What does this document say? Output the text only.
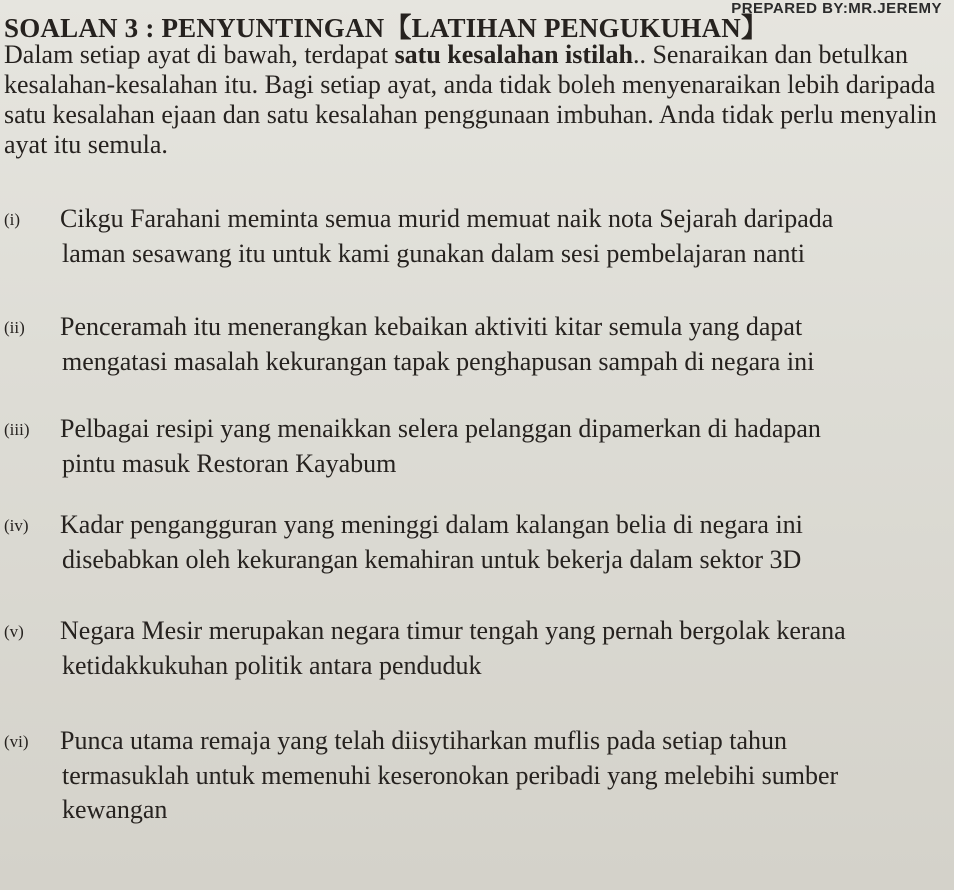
PREPARED BY:MR.JEREMY
SOALAN 3 : PENYUNTINGAN【LATIHAN PENGUKUHAN】
Dalam setiap ayat di bawah, terdapat satu kesalahan istilah.. Senaraikan dan betulkan kesalahan-kesalahan itu. Bagi setiap ayat, anda tidak boleh menyenaraikan lebih daripada satu kesalahan ejaan dan satu kesalahan penggunaan imbuhan. Anda tidak perlu menyalin ayat itu semula.
(i) Cikgu Farahani meminta semua murid memuat naik nota Sejarah daripada
laman sesawang itu untuk kami gunakan dalam sesi pembelajaran nanti
(ii) Penceramah itu menerangkan kebaikan aktiviti kitar semula yang dapat
mengatasi masalah kekurangan tapak penghapusan sampah di negara ini
(iii) Pelbagai resipi yang menaikkan selera pelanggan dipamerkan di hadapan
pintu masuk Restoran Kayabum
(iv) Kadar pengangguran yang meninggi dalam kalangan belia di negara ini
disebabkan oleh kekurangan kemahiran untuk bekerja dalam sektor 3D
(v) Negara Mesir merupakan negara timur tengah yang pernah bergolak kerana
ketidakkukuhan politik antara penduduk
(vi) Punca utama remaja yang telah diisytiharkan muflis pada setiap tahun
termasuklah untuk memenuhi keseronokan peribadi yang melebihi sumber
kewangan
